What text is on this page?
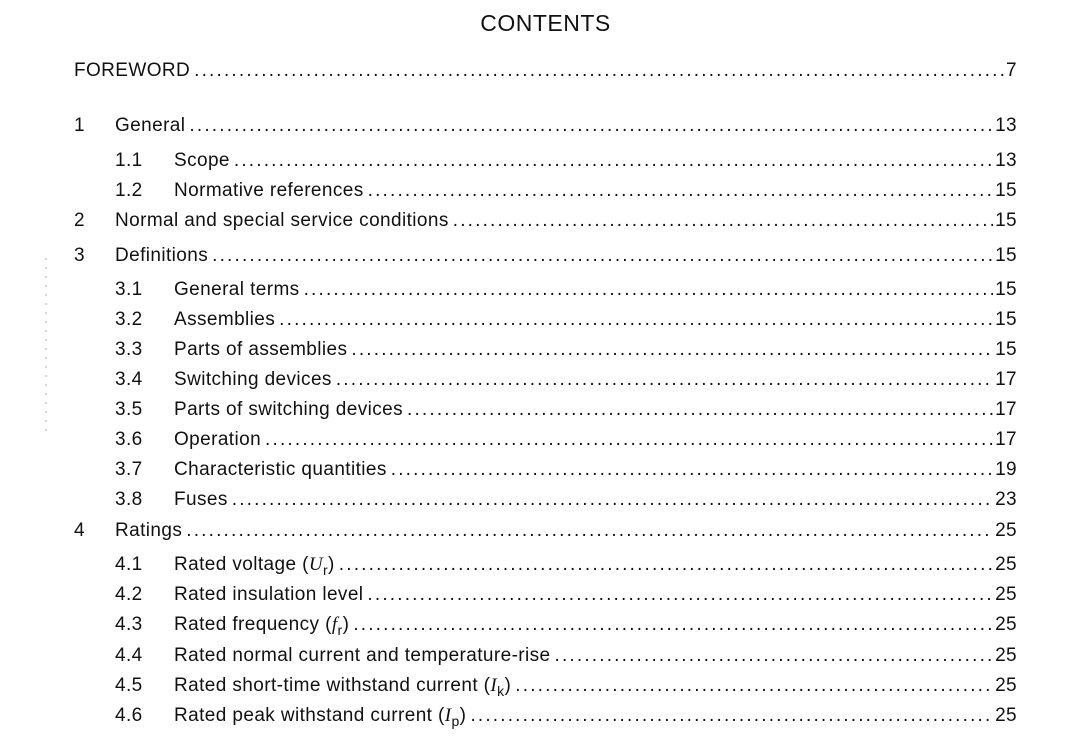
CONTENTS
FOREWORD . . .	7
1 General . . .	13
1.1 Scope . . .	13
1.2 Normative references . . .	15
2 Normal and special service conditions . . .	15
3 Definitions . . .	15
3.1 General terms . . .	15
3.2 Assemblies . . .	15
3.3 Parts of assemblies . . .	15
3.4 Switching devices . . .	17
3.5 Parts of switching devices . . .	17
3.6 Operation . . .	17
3.7 Characteristic quantities . . .	19
3.8 Fuses . . .	23
4 Ratings . . .	25
4.1 Rated voltage $(U_r)$ . . .	25
4.2 Rated insulation level . . .	25
4.3 Rated frequency $(f_r)$ . . .	25
4.4 Rated normal current and temperature-rise . . .	25
4.5 Rated short-time withstand current $(I_k)$ . . .	25
4.6 Rated peak withstand current $(I_p)$ . . .	25
